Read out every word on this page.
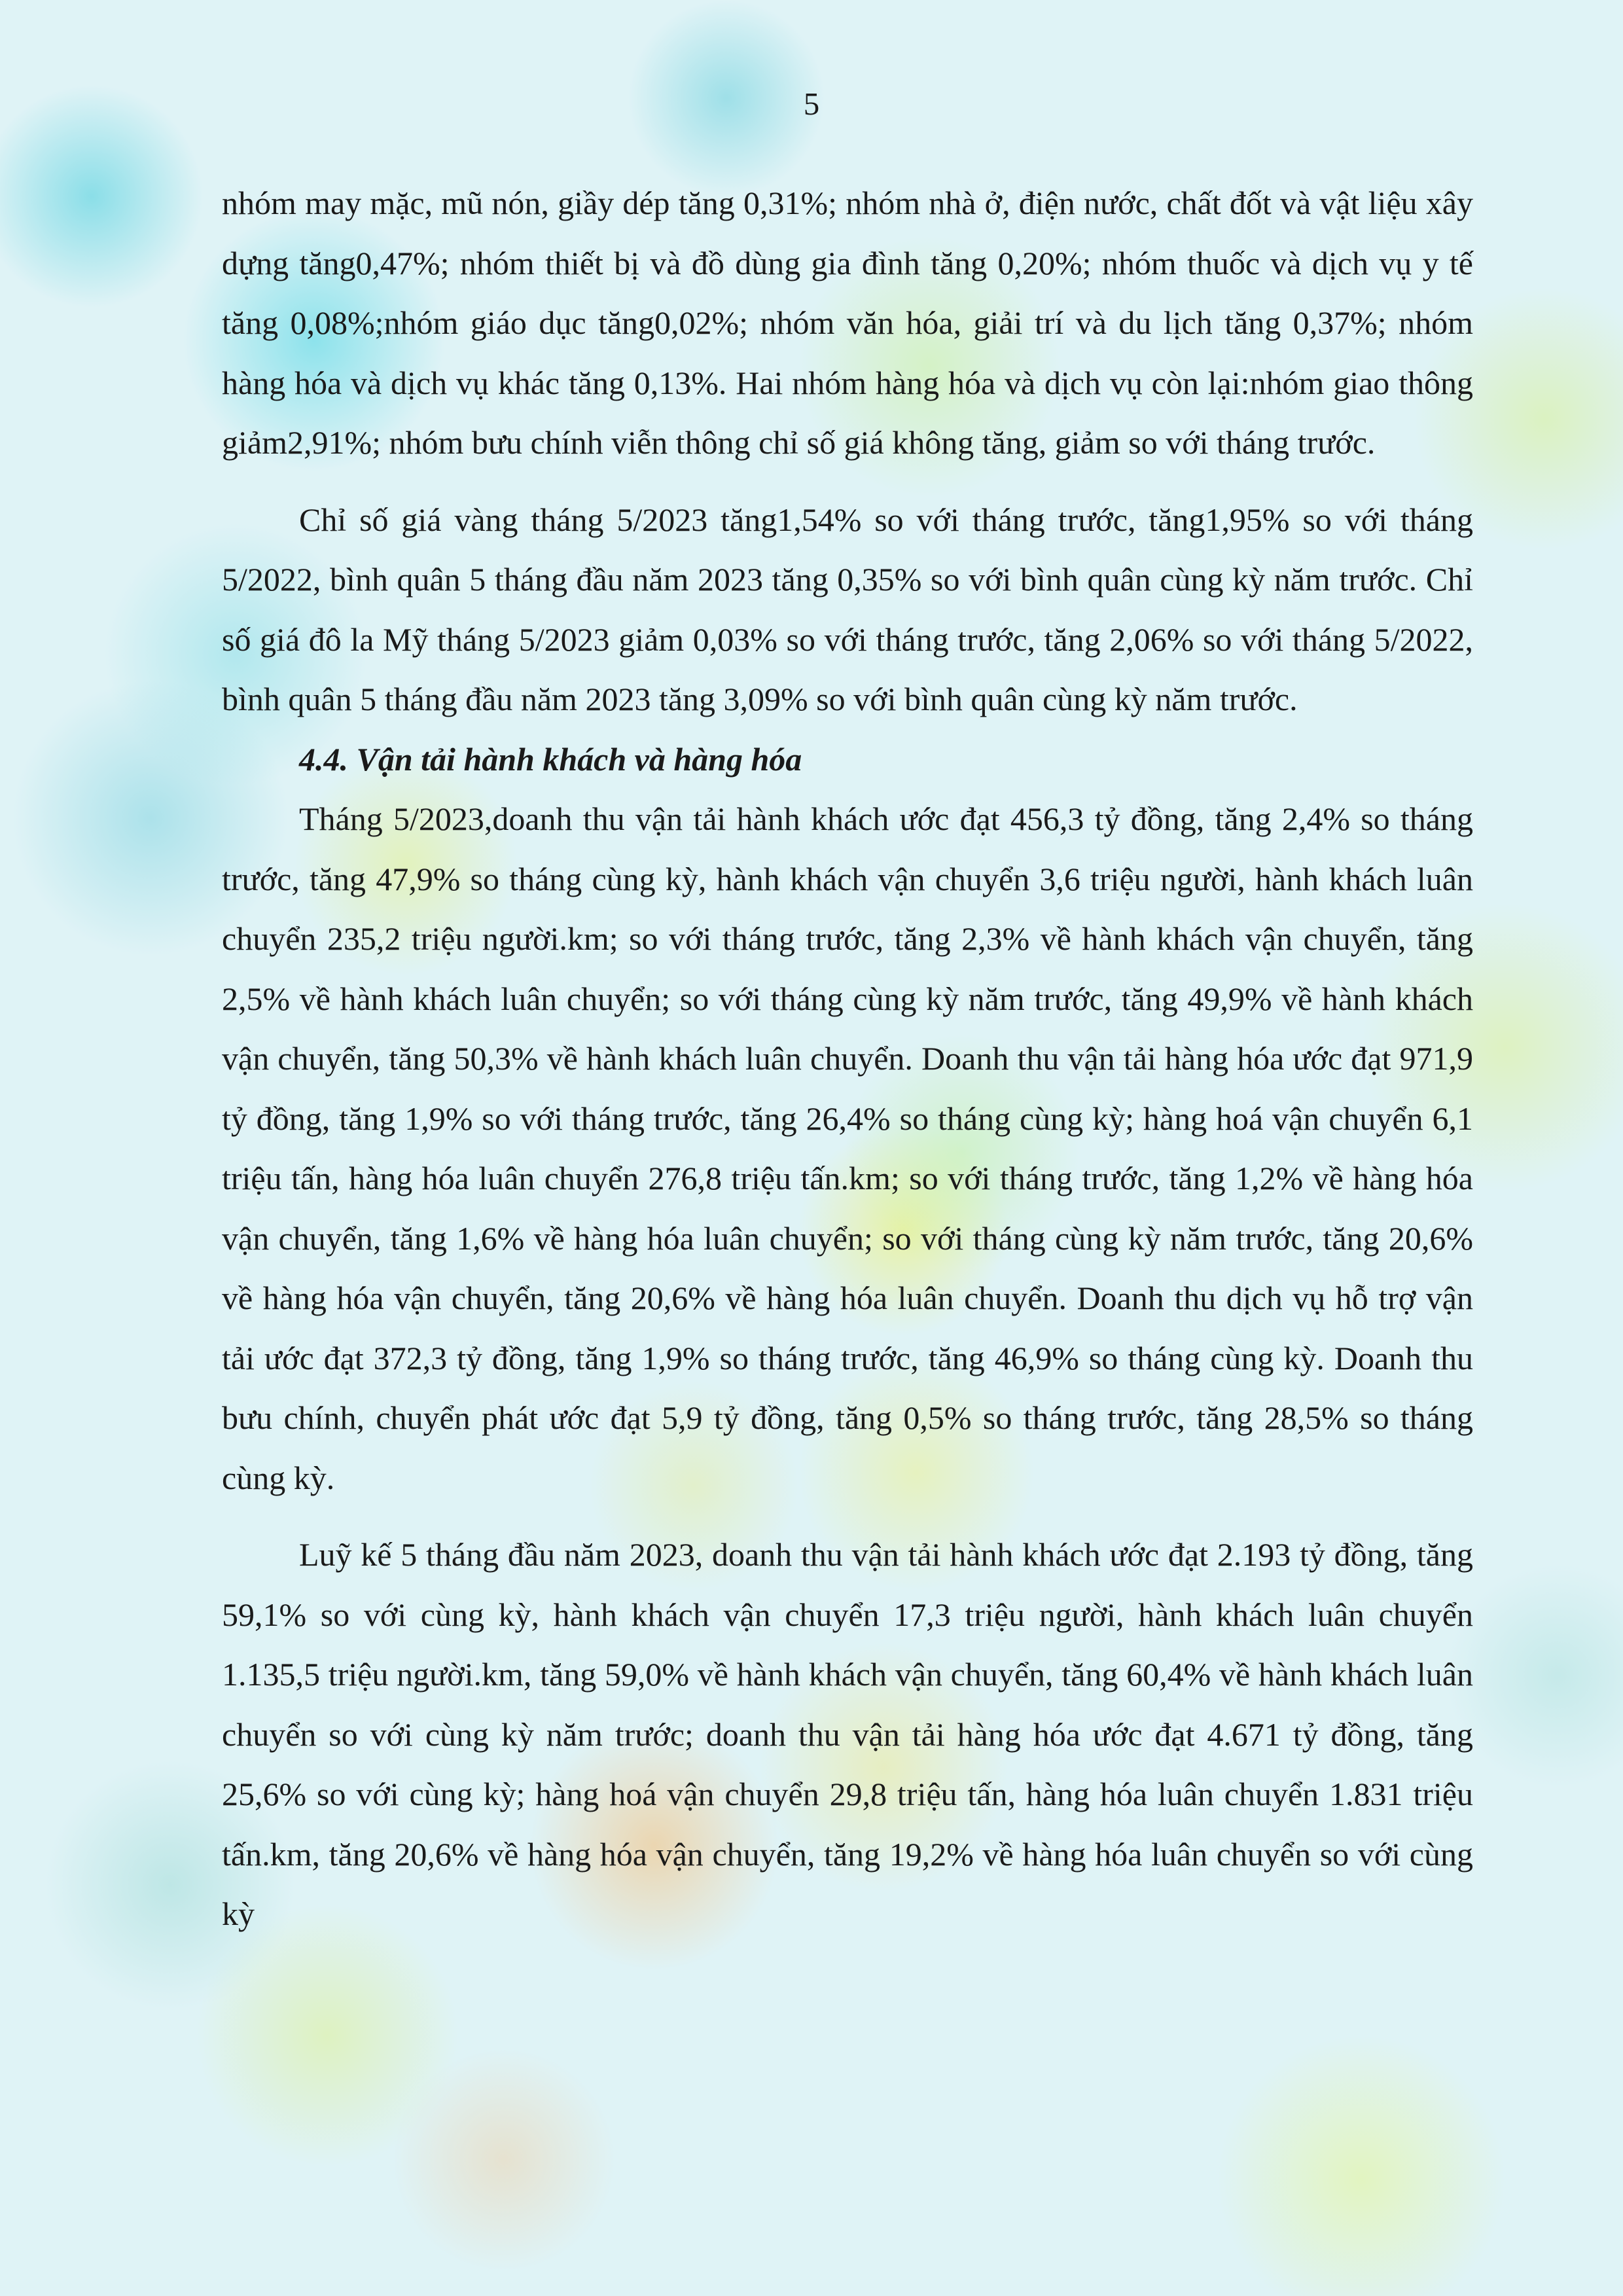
5

nhóm may mặc, mũ nón, giầy dép tăng 0,31%; nhóm nhà ở, điện nước, chất đốt và vật liệu xây dựng tăng0,47%; nhóm thiết bị và đồ dùng gia đình tăng 0,20%; nhóm thuốc và dịch vụ y tế tăng 0,08%;nhóm giáo dục tăng0,02%; nhóm văn hóa, giải trí và du lịch tăng 0,37%; nhóm hàng hóa và dịch vụ khác tăng 0,13%. Hai nhóm hàng hóa và dịch vụ còn lại:nhóm giao thông giảm2,91%; nhóm bưu chính viễn thông chỉ số giá không tăng, giảm so với tháng trước.

Chỉ số giá vàng tháng 5/2023 tăng1,54% so với tháng trước, tăng1,95% so với tháng 5/2022, bình quân 5 tháng đầu năm 2023 tăng 0,35% so với bình quân cùng kỳ năm trước. Chỉ số giá đô la Mỹ tháng 5/2023 giảm 0,03% so với tháng trước, tăng 2,06% so với tháng 5/2022, bình quân 5 tháng đầu năm 2023 tăng 3,09% so với bình quân cùng kỳ năm trước.

4.4. Vận tải hành khách và hàng hóa

Tháng 5/2023,doanh thu vận tải hành khách ước đạt 456,3 tỷ đồng, tăng 2,4% so tháng trước, tăng 47,9% so tháng cùng kỳ, hành khách vận chuyển 3,6 triệu người, hành khách luân chuyển 235,2 triệu người.km; so với tháng trước, tăng 2,3% về hành khách vận chuyển, tăng 2,5% về hành khách luân chuyển; so với tháng cùng kỳ năm trước, tăng 49,9% về hành khách vận chuyển, tăng 50,3% về hành khách luân chuyển. Doanh thu vận tải hàng hóa ước đạt 971,9 tỷ đồng, tăng 1,9% so với tháng trước, tăng 26,4% so tháng cùng kỳ; hàng hoá vận chuyển 6,1 triệu tấn, hàng hóa luân chuyển 276,8 triệu tấn.km; so với tháng trước, tăng 1,2% về hàng hóa vận chuyển, tăng 1,6% về hàng hóa luân chuyển; so với tháng cùng kỳ năm trước, tăng 20,6% về hàng hóa vận chuyển, tăng 20,6% về hàng hóa luân chuyển. Doanh thu dịch vụ hỗ trợ vận tải ước đạt 372,3 tỷ đồng, tăng 1,9% so tháng trước, tăng 46,9% so tháng cùng kỳ. Doanh thu bưu chính, chuyển phát ước đạt 5,9 tỷ đồng, tăng 0,5% so tháng trước, tăng 28,5% so tháng cùng kỳ.

Luỹ kế 5 tháng đầu năm 2023, doanh thu vận tải hành khách ước đạt 2.193 tỷ đồng, tăng 59,1% so với cùng kỳ, hành khách vận chuyển 17,3 triệu người, hành khách luân chuyển 1.135,5 triệu người.km, tăng 59,0% về hành khách vận chuyển, tăng 60,4% về hành khách luân chuyển so với cùng kỳ năm trước; doanh thu vận tải hàng hóa ước đạt 4.671 tỷ đồng, tăng 25,6% so với cùng kỳ; hàng hoá vận chuyển 29,8 triệu tấn, hàng hóa luân chuyển 1.831 triệu tấn.km, tăng 20,6% về hàng hóa vận chuyển, tăng 19,2% về hàng hóa luân chuyển so với cùng kỳ
